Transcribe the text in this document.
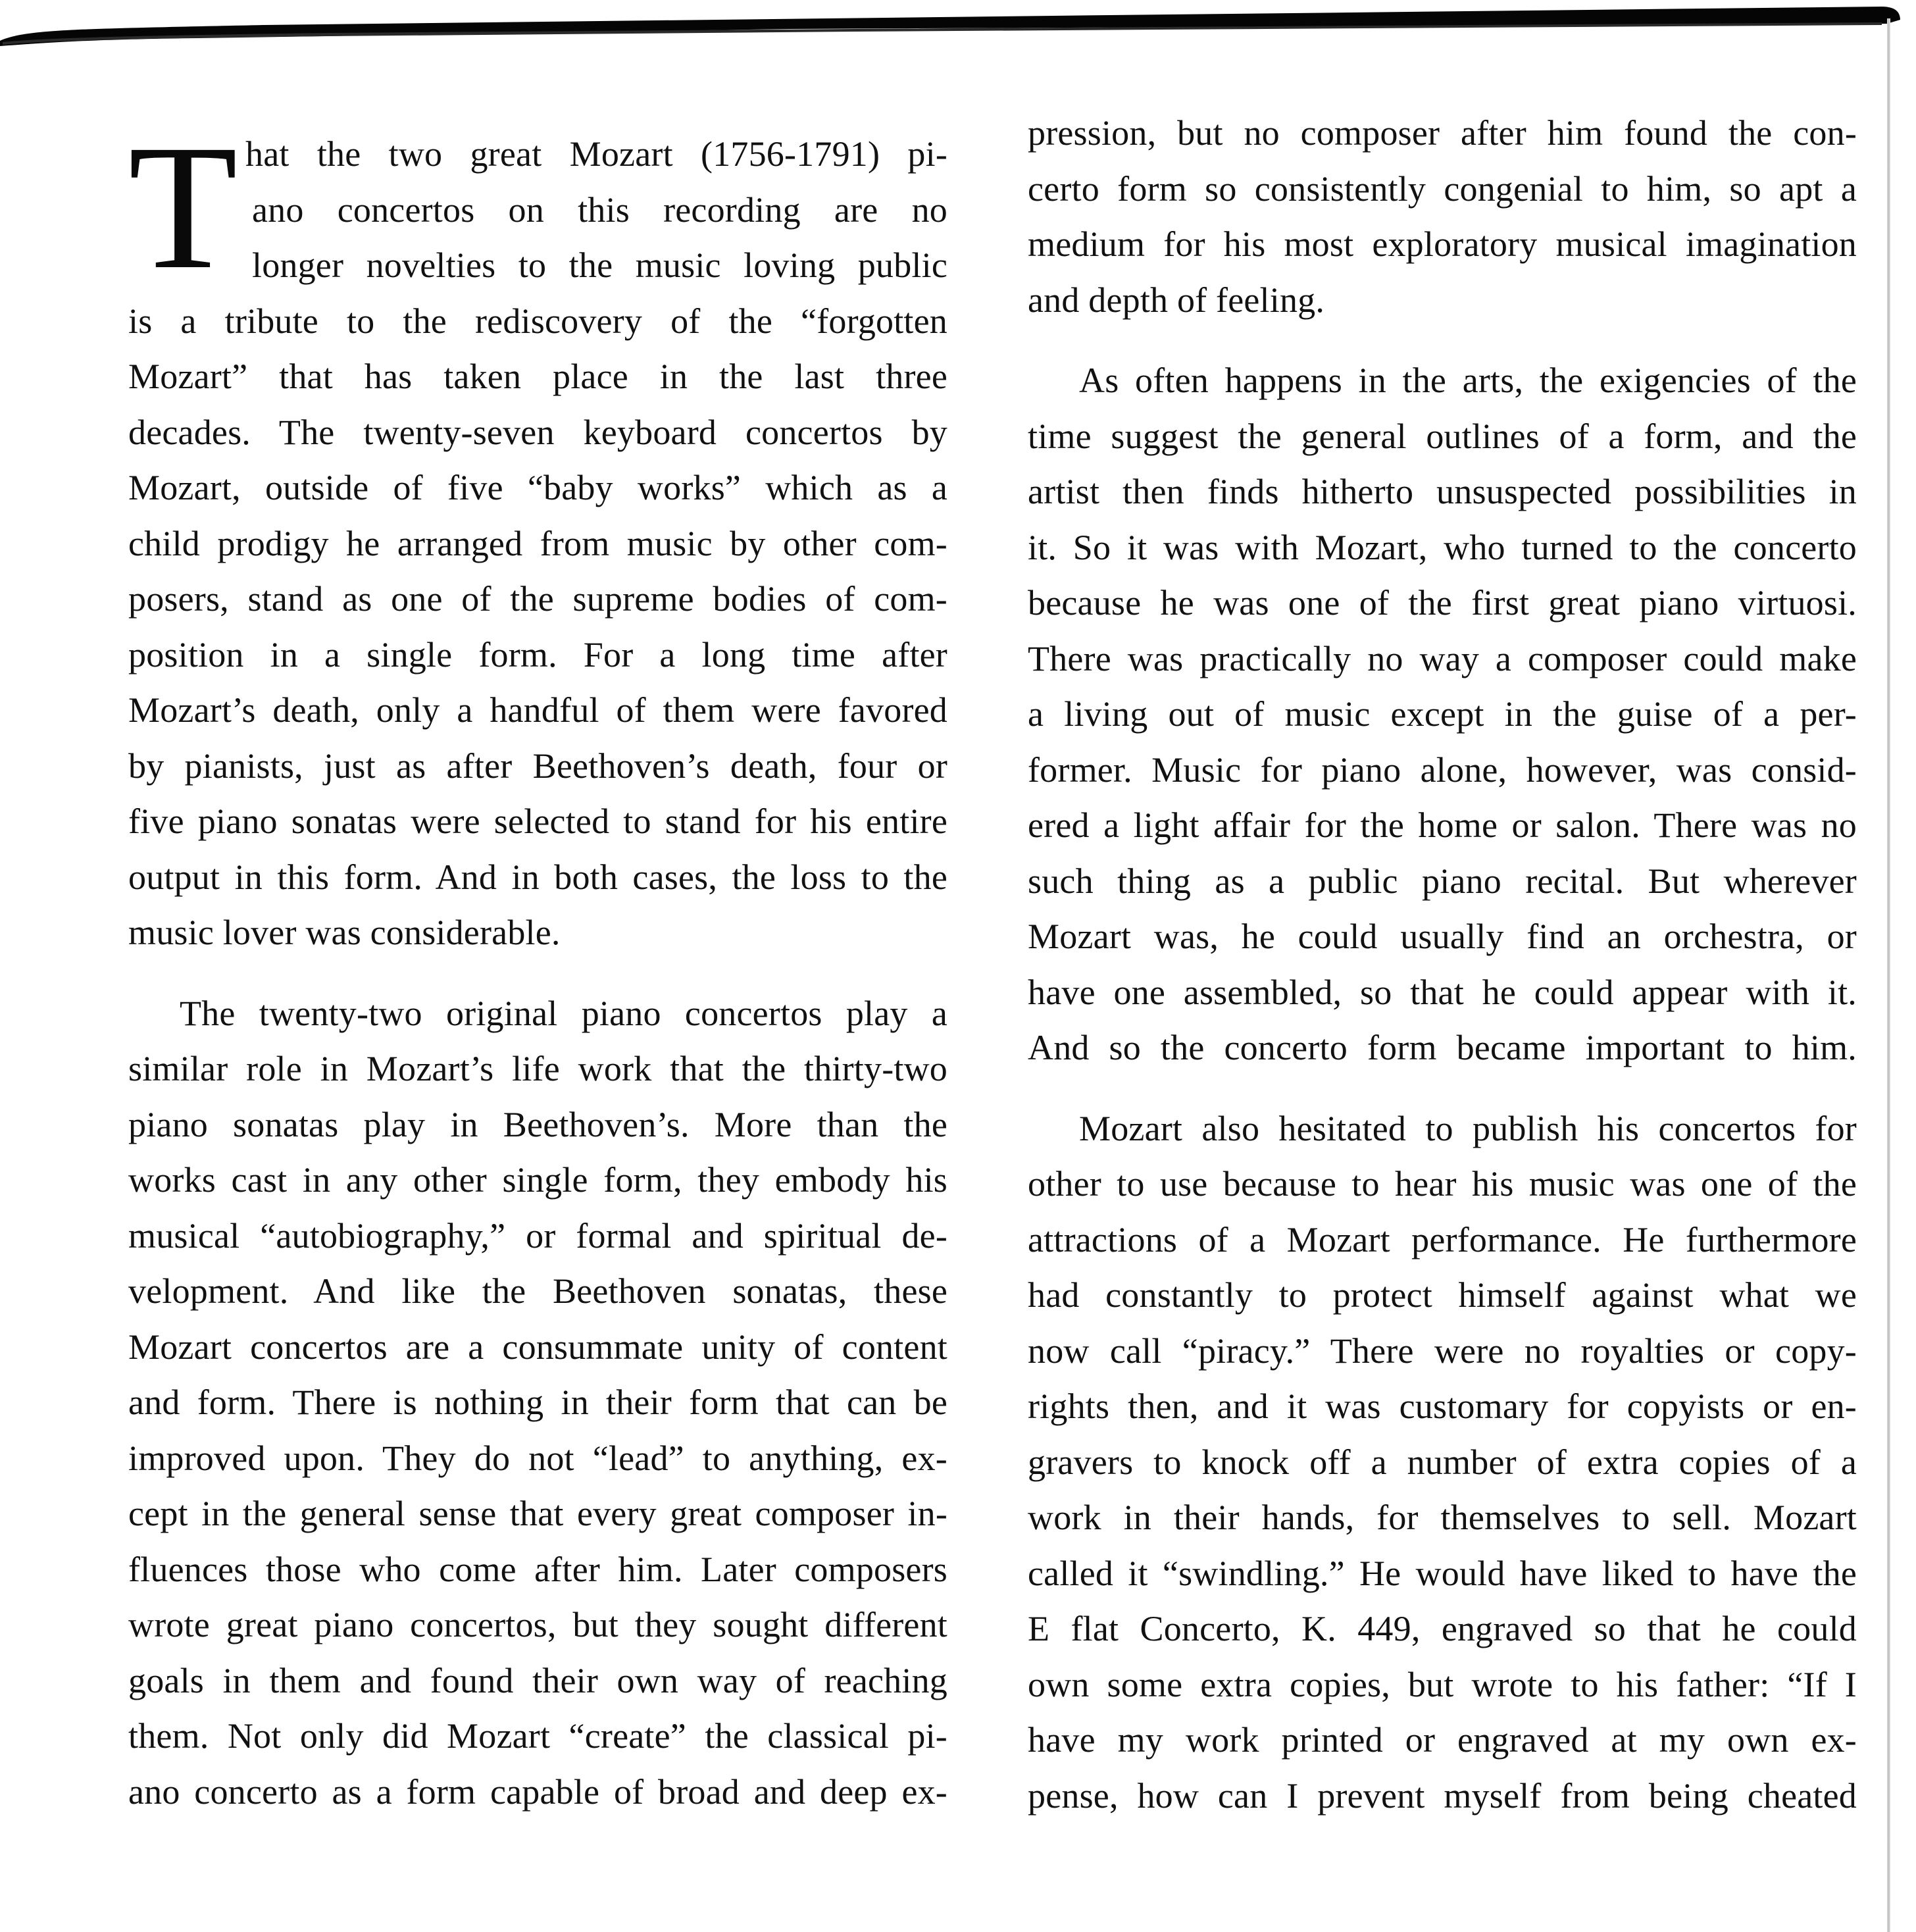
T hat the two great Mozart (1756-1791) pi-
ano concertos on this recording are no
longer novelties to the music loving public
is a tribute to the rediscovery of the “forgotten
Mozart” that has taken place in the last three
decades. The twenty-seven keyboard concertos by
Mozart, outside of five “baby works” which as a
child prodigy he arranged from music by other com-
posers, stand as one of the supreme bodies of com-
position in a single form. For a long time after
Mozart’s death, only a handful of them were favored
by pianists, just as after Beethoven’s death, four or
five piano sonatas were selected to stand for his entire
output in this form. And in both cases, the loss to the
music lover was considerable.
The twenty-two original piano concertos play a
similar role in Mozart’s life work that the thirty-two
piano sonatas play in Beethoven’s. More than the
works cast in any other single form, they embody his
musical “autobiography,” or formal and spiritual de-
velopment. And like the Beethoven sonatas, these
Mozart concertos are a consummate unity of content
and form. There is nothing in their form that can be
improved upon. They do not “lead” to anything, ex-
cept in the general sense that every great composer in-
fluences those who come after him. Later composers
wrote great piano concertos, but they sought different
goals in them and found their own way of reaching
them. Not only did Mozart “create” the classical pi-
ano concerto as a form capable of broad and deep ex-
pression, but no composer after him found the con-
certo form so consistently congenial to him, so apt a
medium for his most exploratory musical imagination
and depth of feeling.
As often happens in the arts, the exigencies of the
time suggest the general outlines of a form, and the
artist then finds hitherto unsuspected possibilities in
it. So it was with Mozart, who turned to the concerto
because he was one of the first great piano virtuosi.
There was practically no way a composer could make
a living out of music except in the guise of a per-
former. Music for piano alone, however, was consid-
ered a light affair for the home or salon. There was no
such thing as a public piano recital. But wherever
Mozart was, he could usually find an orchestra, or
have one assembled, so that he could appear with it.
And so the concerto form became important to him.
Mozart also hesitated to publish his concertos for
other to use because to hear his music was one of the
attractions of a Mozart performance. He furthermore
had constantly to protect himself against what we
now call “piracy.” There were no royalties or copy-
rights then, and it was customary for copyists or en-
gravers to knock off a number of extra copies of a
work in their hands, for themselves to sell. Mozart
called it “swindling.” He would have liked to have the
E flat Concerto, K. 449, engraved so that he could
own some extra copies, but wrote to his father: “If I
have my work printed or engraved at my own ex-
pense, how can I prevent myself from being cheated
